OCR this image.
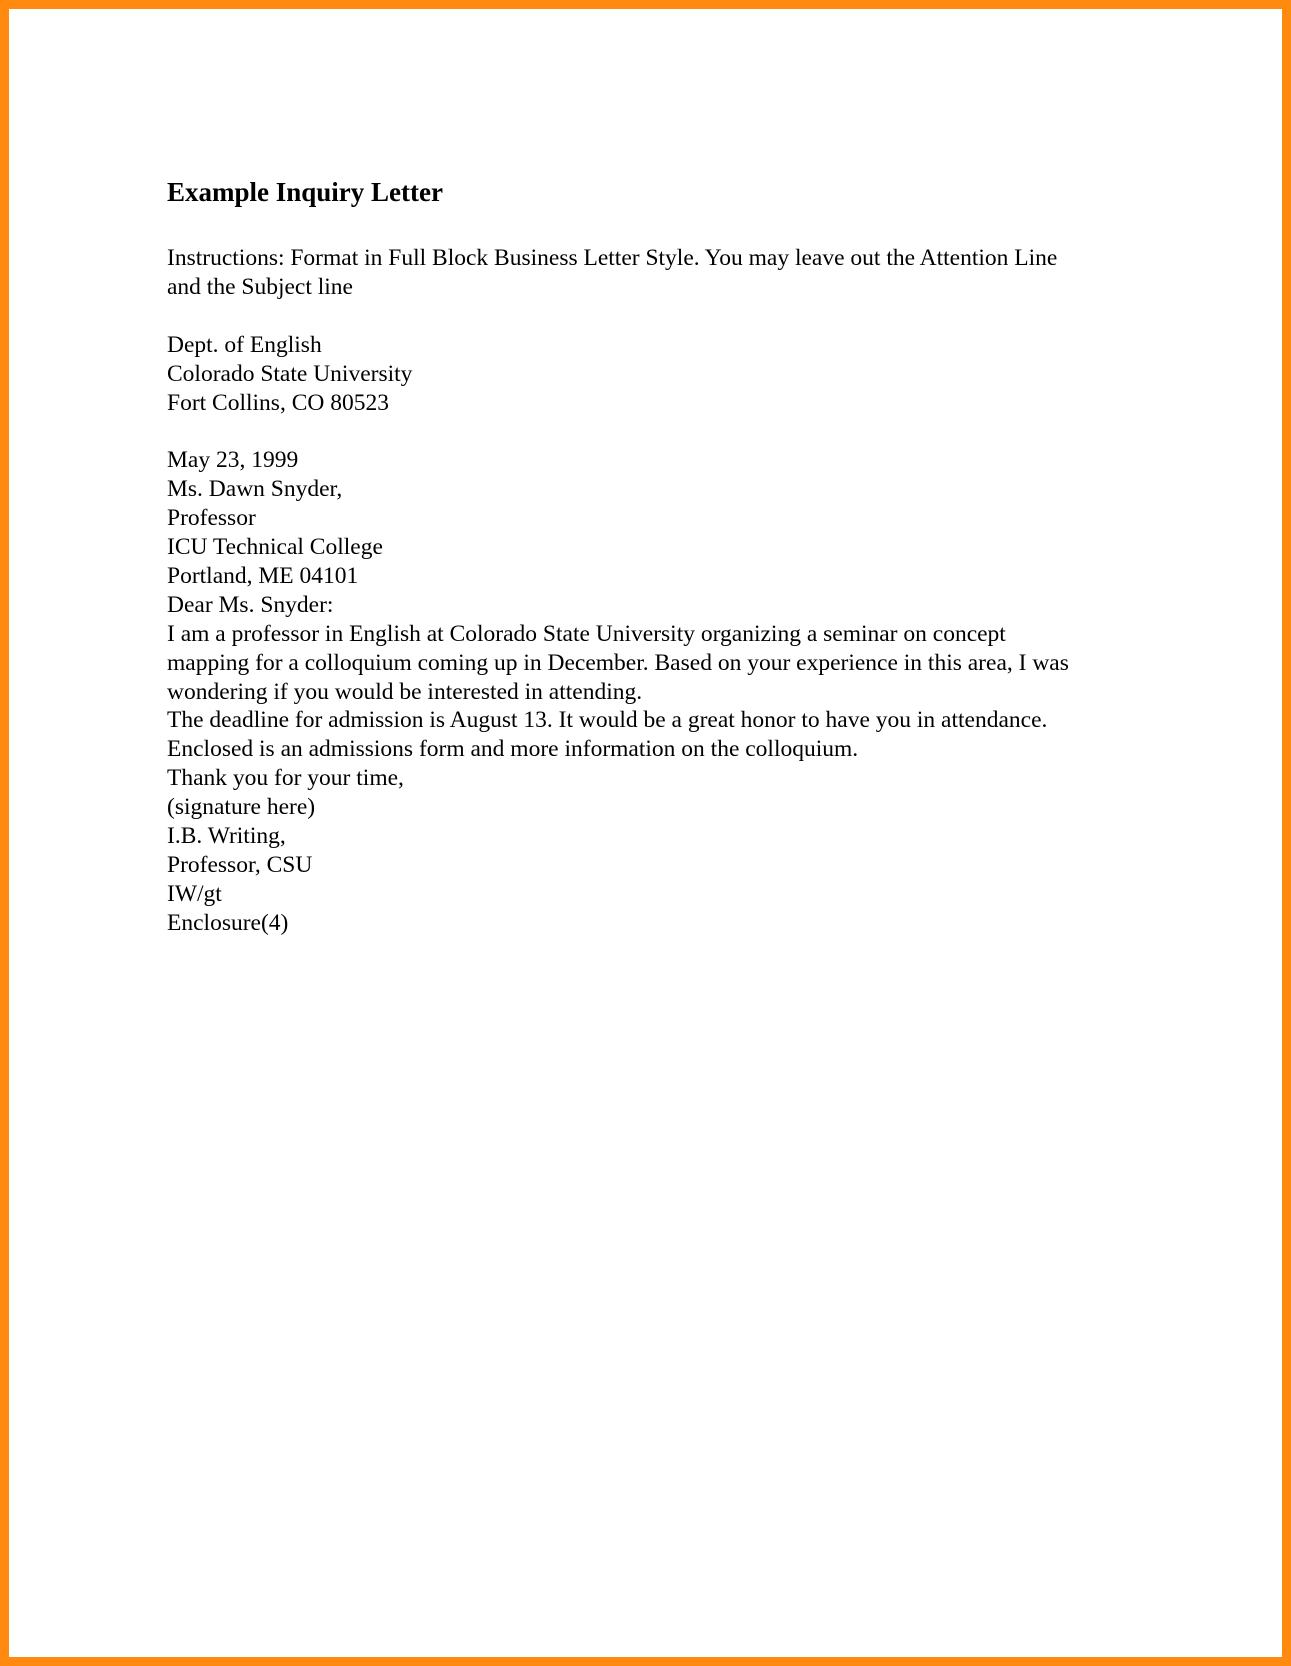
Example Inquiry Letter
Instructions: Format in Full Block Business Letter Style. You may leave out the Attention Line
and the Subject line
Dept. of English
Colorado State University
Fort Collins, CO 80523
May 23, 1999
Ms. Dawn Snyder,
Professor
ICU Technical College
Portland, ME 04101
Dear Ms. Snyder:
I am a professor in English at Colorado State University organizing a seminar on concept
mapping for a colloquium coming up in December. Based on your experience in this area, I was
wondering if you would be interested in attending.
The deadline for admission is August 13. It would be a great honor to have you in attendance.
Enclosed is an admissions form and more information on the colloquium.
Thank you for your time,
(signature here)
I.B. Writing,
Professor, CSU
IW/gt
Enclosure(4)
